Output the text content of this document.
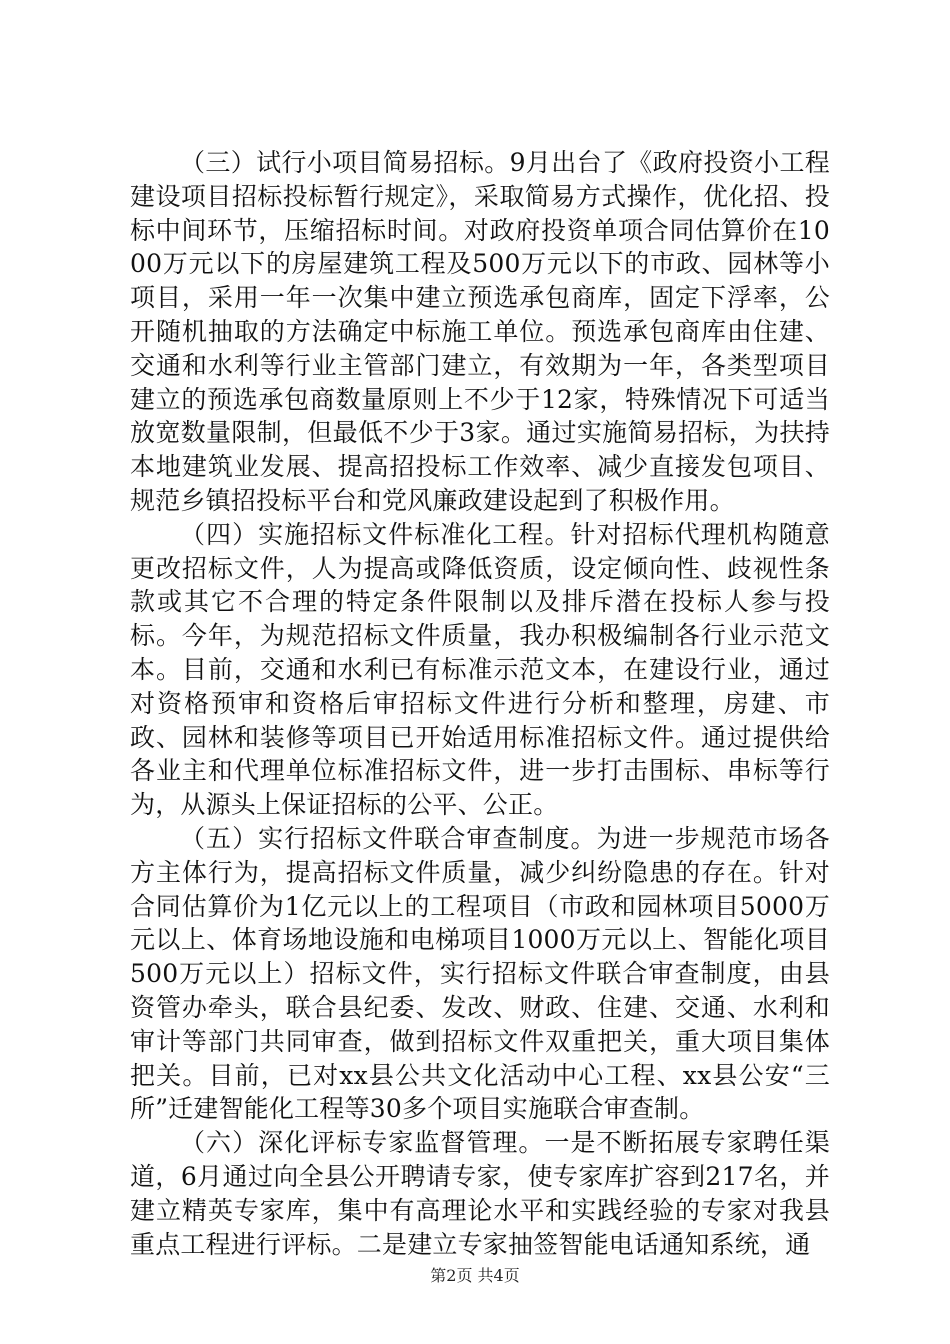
（三）试行小项目简易招标。9月出台了《政府投资小工程建设项目招标投标暂行规定》，采取简易方式操作，优化招、投标中间环节，压缩招标时间。对政府投资单项合同估算价在1000万元以下的房屋建筑工程及500万元以下的市政、园林等小项目，采用一年一次集中建立预选承包商库，固定下浮率，公开随机抽取的方法确定中标施工单位。预选承包商库由住建、交通和水利等行业主管部门建立，有效期为一年，各类型项目建立的预选承包商数量原则上不少于12家，特殊情况下可适当放宽数量限制，但最低不少于3家。通过实施简易招标，为扶持本地建筑业发展、提高招投标工作效率、减少直接发包项目、规范乡镇招投标平台和党风廉政建设起到了积极作用。

（四）实施招标文件标准化工程。针对招标代理机构随意更改招标文件，人为提高或降低资质，设定倾向性、歧视性条款或其它不合理的特定条件限制以及排斥潜在投标人参与投标。今年，为规范招标文件质量，我办积极编制各行业示范文本。目前，交通和水利已有标准示范文本，在建设行业，通过对资格预审和资格后审招标文件进行分析和整理，房建、市政、园林和装修等项目已开始适用标准招标文件。通过提供给各业主和代理单位标准招标文件，进一步打击围标、串标等行为，从源头上保证招标的公平、公正。

（五）实行招标文件联合审查制度。为进一步规范市场各方主体行为，提高招标文件质量，减少纠纷隐患的存在。针对合同估算价为1亿元以上的工程项目（市政和园林项目5000万元以上、体育场地设施和电梯项目1000万元以上、智能化项目500万元以上）招标文件，实行招标文件联合审查制度，由县资管办牵头，联合县纪委、发改、财政、住建、交通、水利和审计等部门共同审查，做到招标文件双重把关，重大项目集体把关。目前，已对xx县公共文化活动中心工程、xx县公安“三所”迁建智能化工程等30多个项目实施联合审查制。

（六）深化评标专家监督管理。一是不断拓展专家聘任渠道，6月通过向全县公开聘请专家，使专家库扩容到217名，并建立精英专家库，集中有高理论水平和实践经验的专家对我县重点工程进行评标。二是建立专家抽签智能电话通知系统，通

第2页 共4页
